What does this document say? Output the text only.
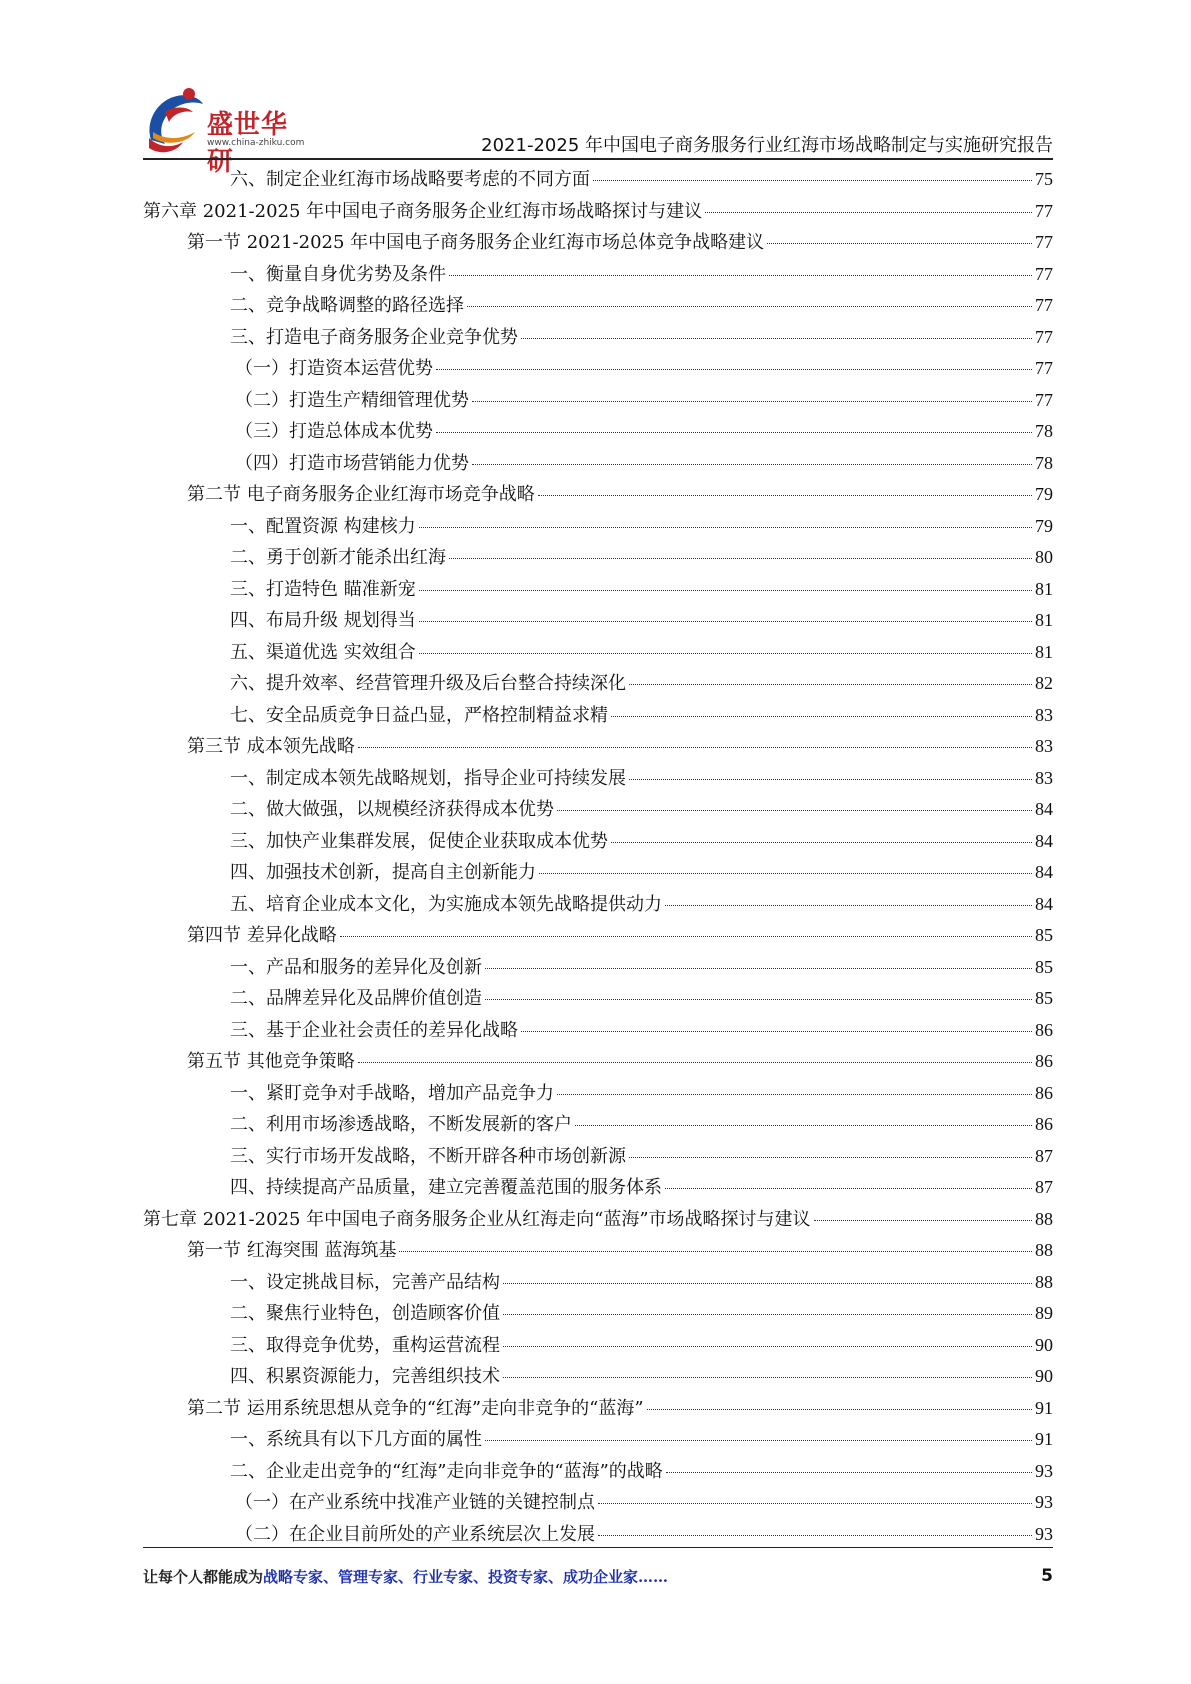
盛世华研
www.china-zhiku.com	2021-2025 年中国电子商务服务行业红海市场战略制定与实施研究报告
六、制定企业红海市场战略要考虑的不同方面	75
第六章 2021-2025 年中国电子商务服务企业红海市场战略探讨与建议	77
第一节 2021-2025 年中国电子商务服务企业红海市场总体竞争战略建议	77
一、衡量自身优劣势及条件	77
二、竞争战略调整的路径选择	77
三、打造电子商务服务企业竞争优势	77
（一）打造资本运营优势	77
（二）打造生产精细管理优势	77
（三）打造总体成本优势	78
（四）打造市场营销能力优势	78
第二节 电子商务服务企业红海市场竞争战略	79
一、配置资源 构建核力	79
二、勇于创新才能杀出红海	80
三、打造特色 瞄准新宠	81
四、布局升级 规划得当	81
五、渠道优选 实效组合	81
六、提升效率、经营管理升级及后台整合持续深化	82
七、安全品质竞争日益凸显，严格控制精益求精	83
第三节 成本领先战略	83
一、制定成本领先战略规划，指导企业可持续发展	83
二、做大做强，以规模经济获得成本优势	84
三、加快产业集群发展，促使企业获取成本优势	84
四、加强技术创新，提高自主创新能力	84
五、培育企业成本文化，为实施成本领先战略提供动力	84
第四节 差异化战略	85
一、产品和服务的差异化及创新	85
二、品牌差异化及品牌价值创造	85
三、基于企业社会责任的差异化战略	86
第五节 其他竞争策略	86
一、紧盯竞争对手战略，增加产品竞争力	86
二、利用市场渗透战略，不断发展新的客户	86
三、实行市场开发战略，不断开辟各种市场创新源	87
四、持续提高产品质量，建立完善覆盖范围的服务体系	87
第七章 2021-2025 年中国电子商务服务企业从红海走向“蓝海”市场战略探讨与建议	88
第一节 红海突围 蓝海筑基	88
一、设定挑战目标，完善产品结构	88
二、聚焦行业特色，创造顾客价值	89
三、取得竞争优势，重构运营流程	90
四、积累资源能力，完善组织技术	90
第二节 运用系统思想从竞争的“红海”走向非竞争的“蓝海”	91
一、系统具有以下几方面的属性	91
二、企业走出竞争的“红海”走向非竞争的“蓝海”的战略	93
（一）在产业系统中找准产业链的关键控制点	93
（二）在企业目前所处的产业系统层次上发展	93
让每个人都能成为战略专家、管理专家、行业专家、投资专家、成功企业家……	5
